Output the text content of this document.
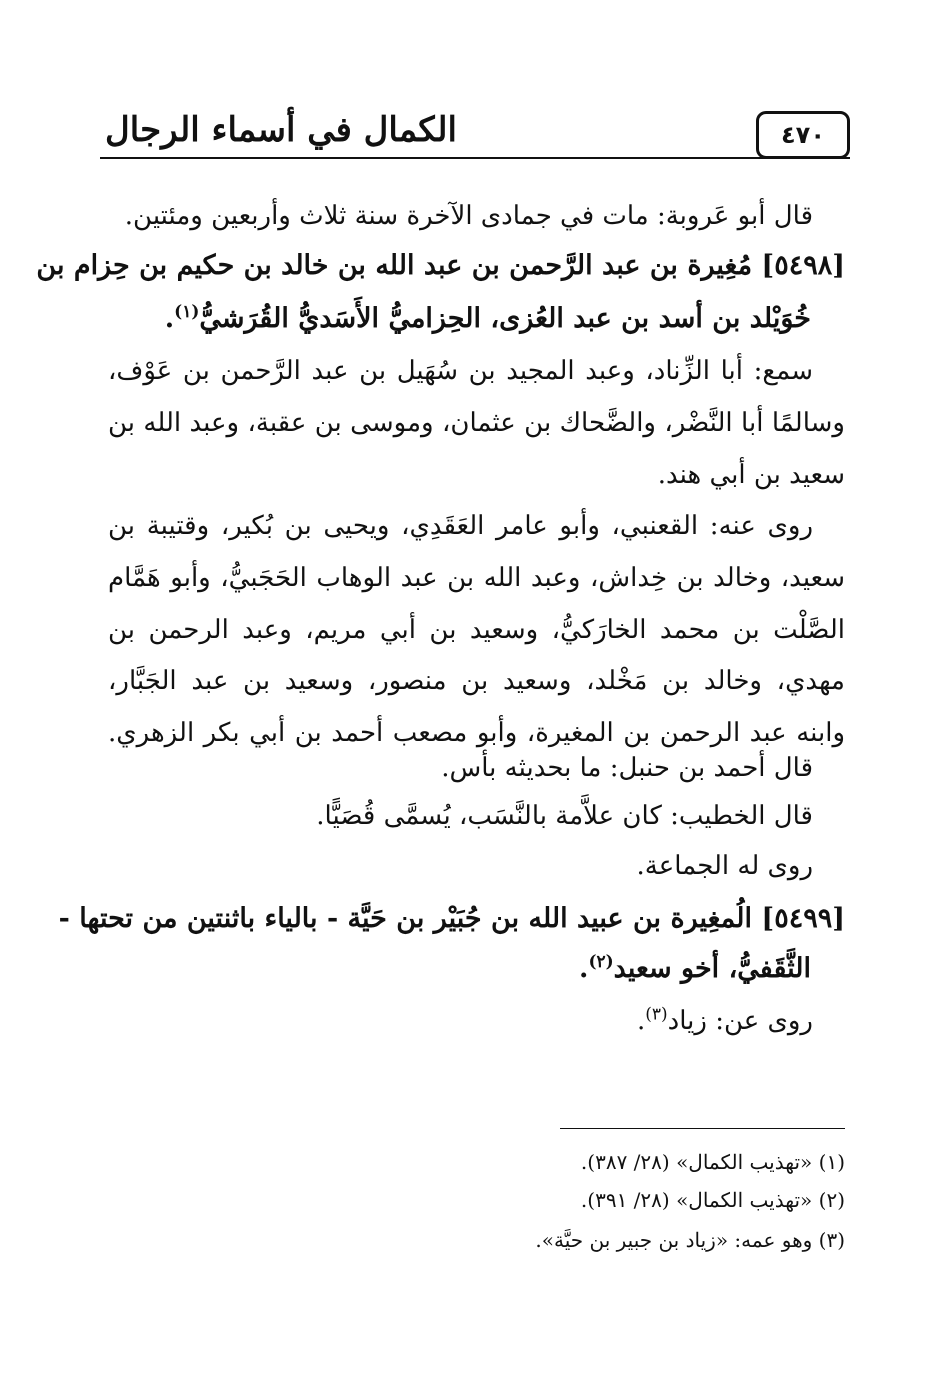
٤٧٠
الكمال في أسماء الرجال
قال أبو عَروبة: مات في جمادى الآخرة سنة ثلاث وأربعين ومئتين.
[٥٤٩٨] مُغِيرة بن عبد الرَّحمن بن عبد الله بن خالد بن حكيم بن حِزام بن
خُوَيْلد بن أسد بن عبد العُزى، الحِزاميُّ الأَسَديُّ القُرَشيُّ$^{(١)}$.
سمع: أبا الزِّناد، وعبد المجيد بن سُهَيل بن عبد الرَّحمن بن عَوْف،
وسالمًا أبا النَّضْر، والضَّحاك بن عثمان، وموسى بن عقبة، وعبد الله بن
سعيد بن أبي هند.
روى عنه: القعنبي، وأبو عامر العَقَدِي، ويحيى بن بُكير، وقتيبة بن
سعيد، وخالد بن خِداش، وعبد الله بن عبد الوهاب الحَجَبيُّ، وأبو هَمَّام
الصَّلْت بن محمد الخارَكيُّ، وسعيد بن أبي مريم، وعبد الرحمن بن
مهدي، وخالد بن مَخْلد، وسعيد بن منصور، وسعيد بن عبد الجَبَّار،
وابنه عبد الرحمن بن المغيرة، وأبو مصعب أحمد بن أبي بكر الزهري.
قال أحمد بن حنبل: ما بحديثه بأس.
قال الخطيب: كان علاَّمة بالنَّسَب، يُسمَّى قُصَيًّا.
روى له الجماعة.
[٥٤٩٩] الُمغِيرة بن عبيد الله بن جُبَيْر بن حَيَّة - بالياء باثنتين من تحتها -
الثَّقَفيُّ، أخو سعيد$^{(٢)}$.
روى عن: زياد$^{(٣)}$.
(١) «تهذيب الكمال» (٢٨/ ٣٨٧).
(٢) «تهذيب الكمال» (٢٨/ ٣٩١).
(٣) وهو عمه: «زياد بن جبير بن حيَّة».
